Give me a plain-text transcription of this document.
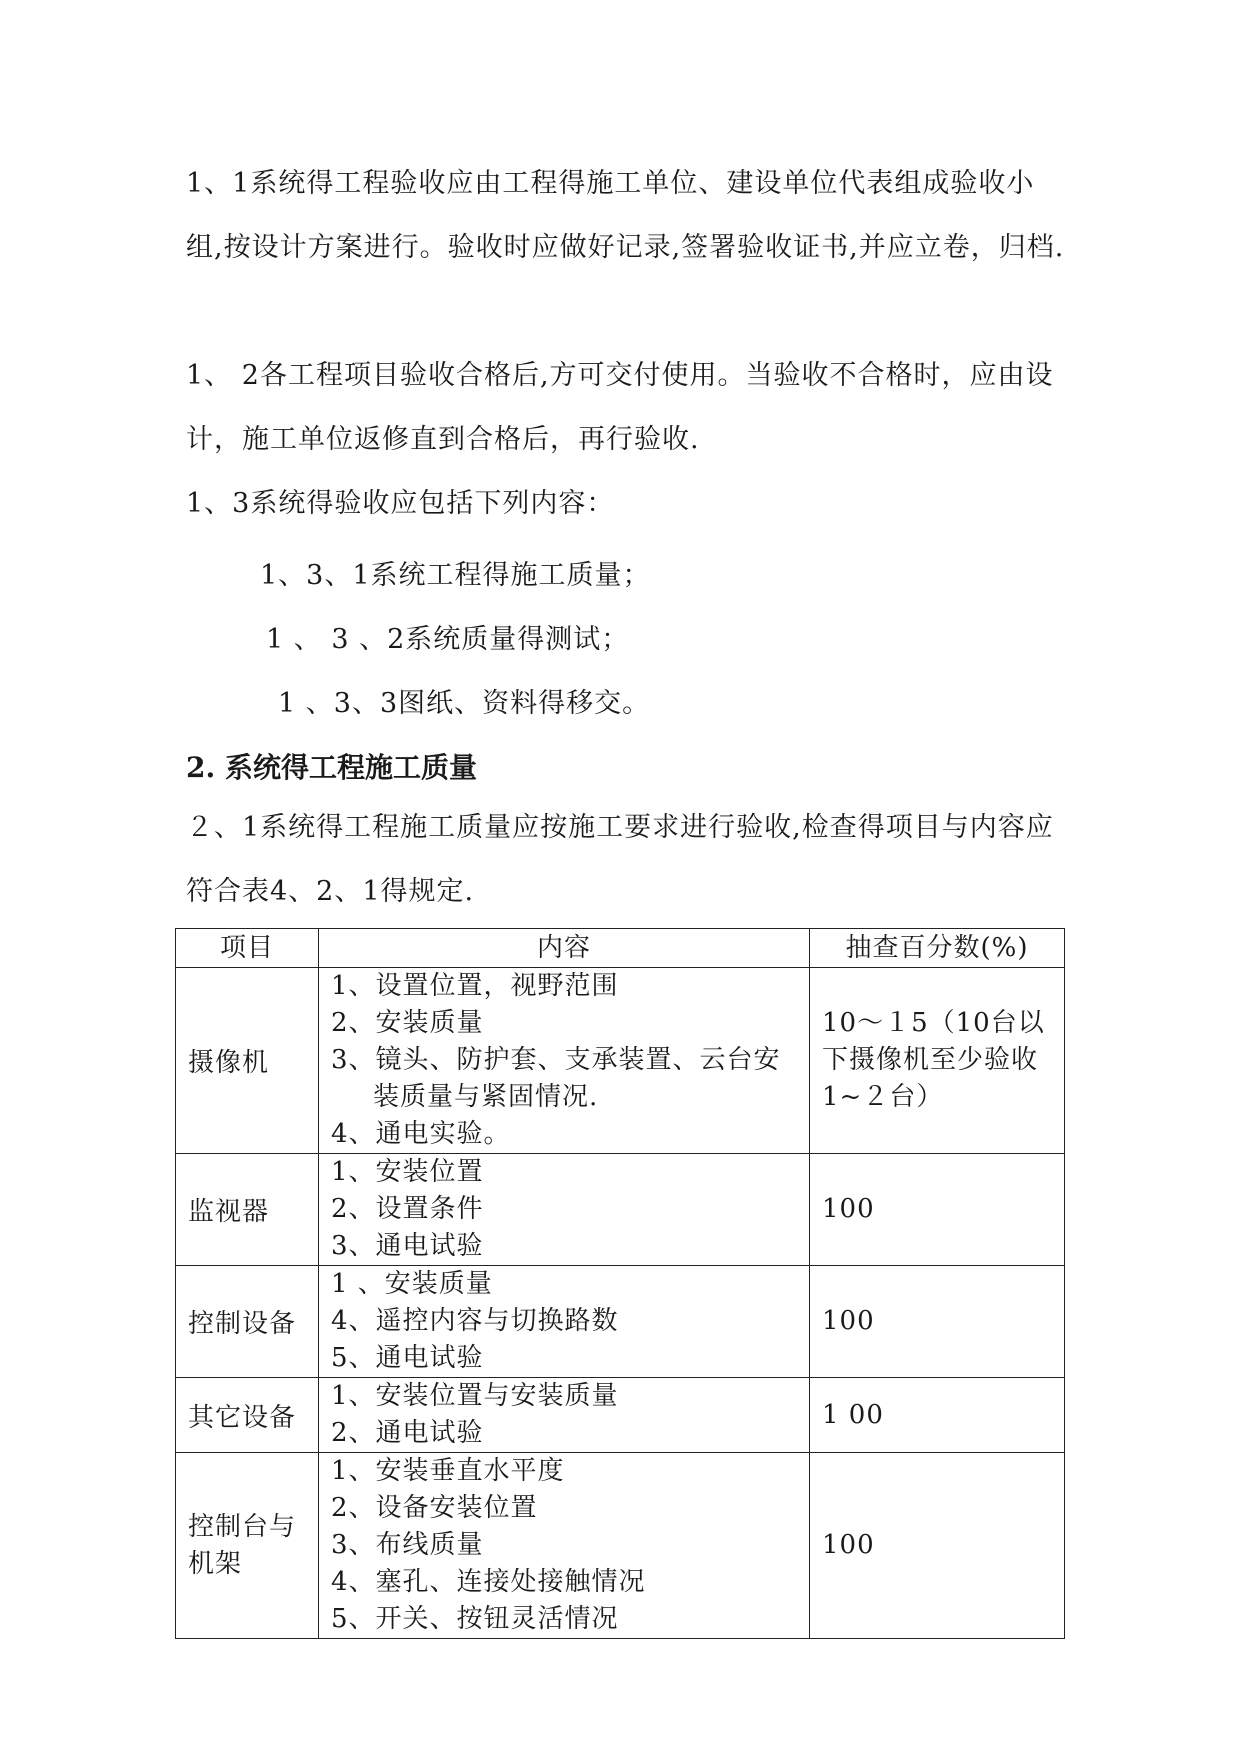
1、1系统得工程验收应由工程得施工单位、建设单位代表组成验收小组,按设计方案进行。验收时应做好记录,签署验收证书,并应立卷，归档.

1、 2各工程项目验收合格后,方可交付使用。当验收不合格时，应由设计，施工单位返修直到合格后，再行验收.

1、3系统得验收应包括下列内容：

1、3、1系统工程得施工质量；

1 、 3 、2系统质量得测试；

1 、3、3图纸、资料得移交。

2. 系统得工程施工质量

２、1系统得工程施工质量应按施工要求进行验收,检查得项目与内容应符合表4、2、1得规定.

项目	内容	抽查百分数(%)
摄像机	1、设置位置，视野范围
2、安装质量
3、镜头、防护套、支承装置、云台安
装质量与紧固情况.
4、通电实验。	10～１5（10台以下摄像机至少验收1~２台）
监视器	1、安装位置
2、设置条件
3、通电试验	100
控制设备	1 、安装质量
4、遥控内容与切换路数
5、通电试验	100
其它设备	1、安装位置与安装质量
2、通电试验	1 00
控制台与机架	1、安装垂直水平度
2、设备安装位置
3、布线质量
4、塞孔、连接处接触情况
5、开关、按钮灵活情况	100
